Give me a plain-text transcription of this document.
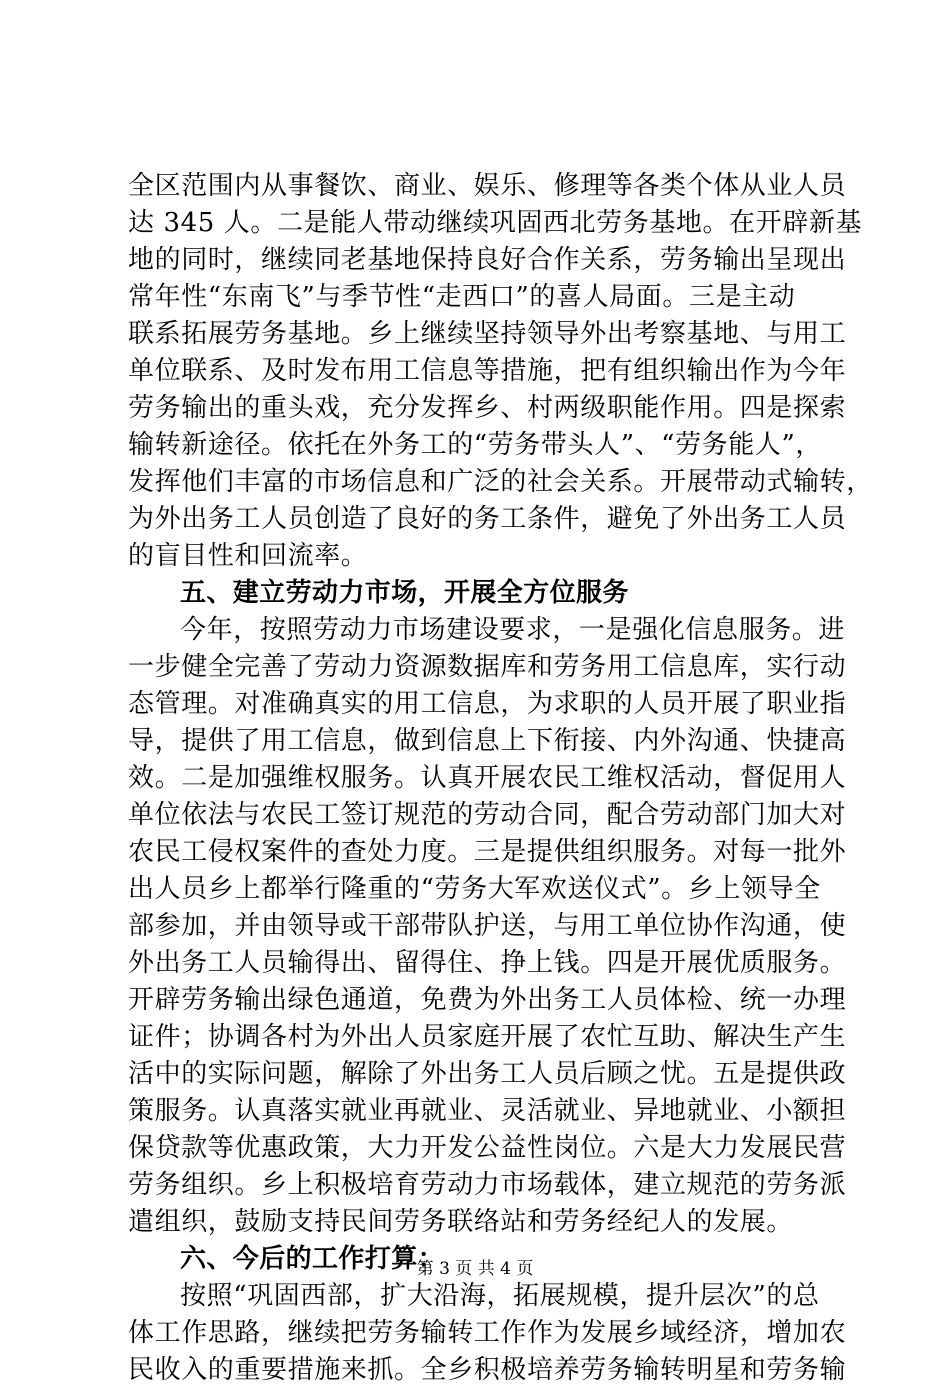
全区范围内从事餐饮、商业、娱乐、修理等各类个体从业人员
达 345 人。二是能人带动继续巩固西北劳务基地。在开辟新基
地的同时，继续同老基地保持良好合作关系，劳务输出呈现出
常年性“东南飞”与季节性“走西口”的喜人局面。三是主动
联系拓展劳务基地。乡上继续坚持领导外出考察基地、与用工
单位联系、及时发布用工信息等措施，把有组织输出作为今年
劳务输出的重头戏，充分发挥乡、村两级职能作用。四是探索
输转新途径。依托在外务工的“劳务带头人”、“劳务能人”，
发挥他们丰富的市场信息和广泛的社会关系。开展带动式输转，
为外出务工人员创造了良好的务工条件，避免了外出务工人员
的盲目性和回流率。
五、建立劳动力市场，开展全方位服务
今年，按照劳动力市场建设要求，一是强化信息服务。进
一步健全完善了劳动力资源数据库和劳务用工信息库，实行动
态管理。对准确真实的用工信息，为求职的人员开展了职业指
导，提供了用工信息，做到信息上下衔接、内外沟通、快捷高
效。二是加强维权服务。认真开展农民工维权活动，督促用人
单位依法与农民工签订规范的劳动合同，配合劳动部门加大对
农民工侵权案件的查处力度。三是提供组织服务。对每一批外
出人员乡上都举行隆重的“劳务大军欢送仪式”。乡上领导全
部参加，并由领导或干部带队护送，与用工单位协作沟通，使
外出务工人员输得出、留得住、挣上钱。四是开展优质服务。
开辟劳务输出绿色通道，免费为外出务工人员体检、统一办理
证件；协调各村为外出人员家庭开展了农忙互助、解决生产生
活中的实际问题，解除了外出务工人员后顾之忧。五是提供政
策服务。认真落实就业再就业、灵活就业、异地就业、小额担
保贷款等优惠政策，大力开发公益性岗位。六是大力发展民营
劳务组织。乡上积极培育劳动力市场载体，建立规范的劳务派
遣组织，鼓励支持民间劳务联络站和劳务经纪人的发展。
六、今后的工作打算：
按照“巩固西部，扩大沿海，拓展规模，提升层次”的总
体工作思路，继续把劳务输转工作作为发展乡域经济，增加农
民收入的重要措施来抓。全乡积极培养劳务输转明星和劳务输
第 3 页 共 4 页
